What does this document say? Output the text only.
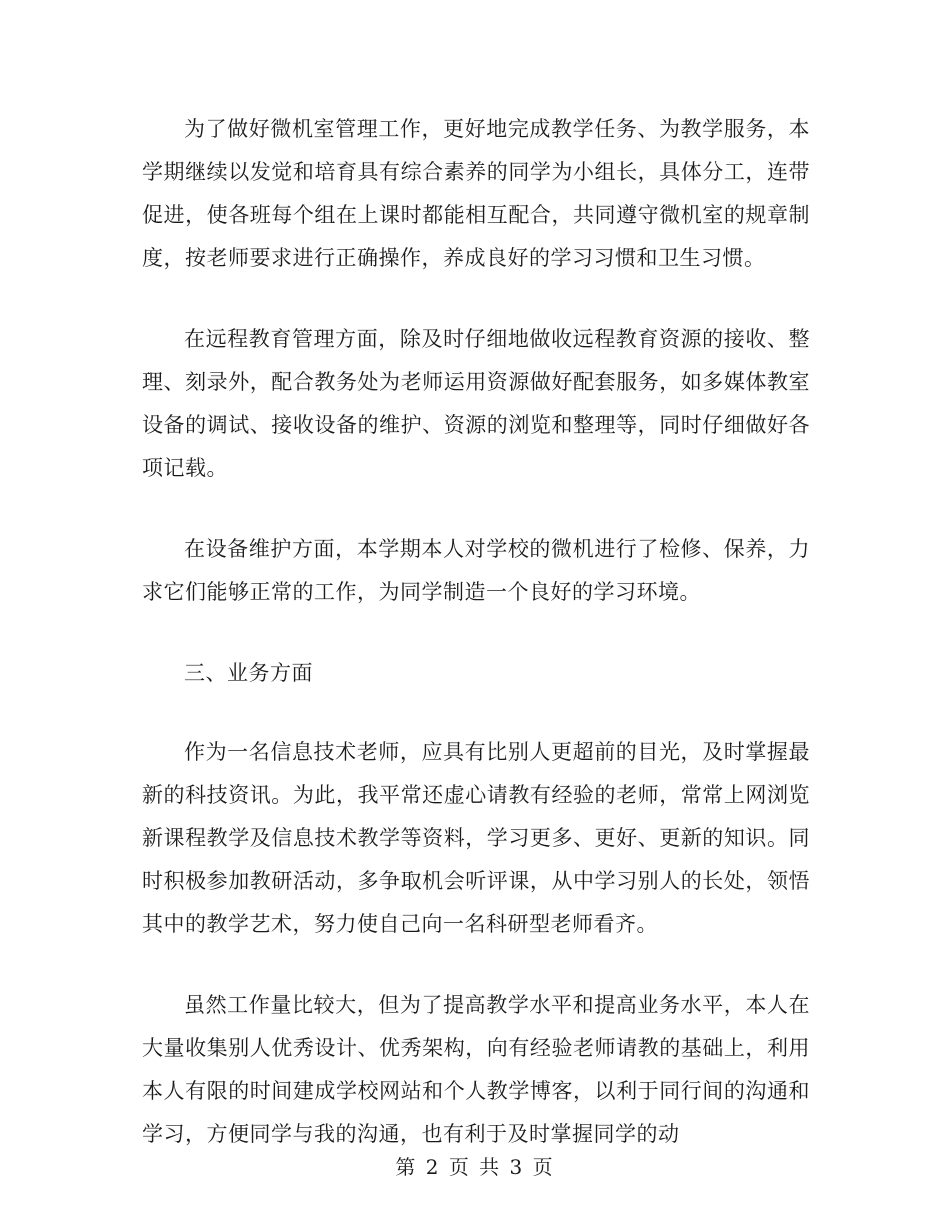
为了做好微机室管理工作，更好地完成教学任务、为教学服务，本学期继续以发觉和培育具有综合素养的同学为小组长，具体分工，连带促进，使各班每个组在上课时都能相互配合，共同遵守微机室的规章制度，按老师要求进行正确操作，养成良好的学习习惯和卫生习惯。

在远程教育管理方面，除及时仔细地做收远程教育资源的接收、整理、刻录外，配合教务处为老师运用资源做好配套服务，如多媒体教室设备的调试、接收设备的维护、资源的浏览和整理等，同时仔细做好各项记载。

在设备维护方面，本学期本人对学校的微机进行了检修、保养，力求它们能够正常的工作，为同学制造一个良好的学习环境。

三、业务方面

作为一名信息技术老师，应具有比别人更超前的目光，及时掌握最新的科技资讯。为此，我平常还虚心请教有经验的老师，常常上网浏览新课程教学及信息技术教学等资料，学习更多、更好、更新的知识。同时积极参加教研活动，多争取机会听评课，从中学习别人的长处，领悟其中的教学艺术，努力使自己向一名科研型老师看齐。

虽然工作量比较大，但为了提高教学水平和提高业务水平，本人在大量收集别人优秀设计、优秀架构，向有经验老师请教的基础上，利用本人有限的时间建成学校网站和个人教学博客，以利于同行间的沟通和学习，方便同学与我的沟通，也有利于及时掌握同学的动

第 2 页 共 3 页
